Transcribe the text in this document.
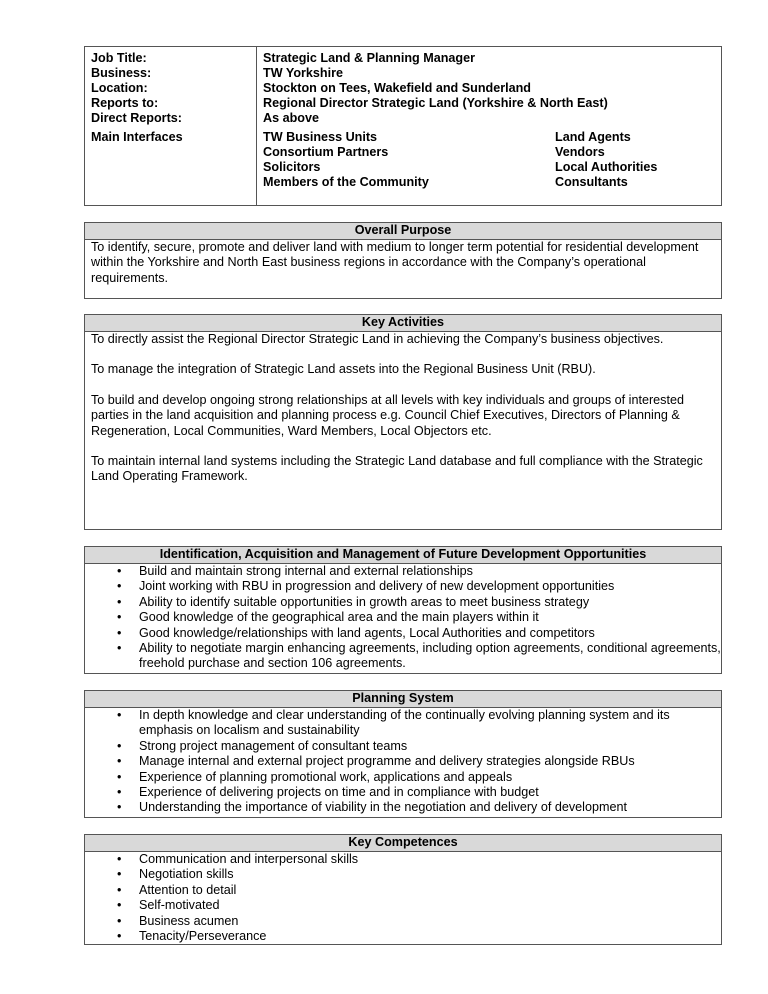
Job Title:
Business:
Location:
Reports to:
Direct Reports:
Main Interfaces
Strategic Land & Planning Manager
TW Yorkshire
Stockton on Tees, Wakefield and Sunderland
Regional Director Strategic Land (Yorkshire & North East)
As above
TW Business Units
Consortium Partners
Solicitors
Members of the Community
Land Agents
Vendors
Local Authorities
Consultants
Overall Purpose

To identify, secure, promote and deliver land with medium to longer term potential for residential development within the Yorkshire and North East business regions in accordance with the Company’s operational requirements.

Key Activities

To directly assist the Regional Director Strategic Land in achieving the Company’s business objectives.

To manage the integration of Strategic Land assets into the Regional Business Unit (RBU).

To build and develop ongoing strong relationships at all levels with key individuals and groups of interested parties in the land acquisition and planning process e.g. Council Chief Executives, Directors of Planning & Regeneration, Local Communities, Ward Members, Local Objectors etc.

To maintain internal land systems including the Strategic Land database and full compliance with the Strategic Land Operating Framework.

Identification, Acquisition and Management of Future Development Opportunities
• Build and maintain strong internal and external relationships
• Joint working with RBU in progression and delivery of new development opportunities
• Ability to identify suitable opportunities in growth areas to meet business strategy
• Good knowledge of the geographical area and the main players within it
• Good knowledge/relationships with land agents, Local Authorities and competitors
• Ability to negotiate margin enhancing agreements, including option agreements, conditional agreements, freehold purchase and section 106 agreements.
Planning System
• In depth knowledge and clear understanding of the continually evolving planning system and its emphasis on localism and sustainability
• Strong project management of consultant teams
• Manage internal and external project programme and delivery strategies alongside RBUs
• Experience of planning promotional work, applications and appeals
• Experience of delivering projects on time and in compliance with budget
• Understanding the importance of viability in the negotiation and delivery of development
Key Competences
• Communication and interpersonal skills
• Negotiation skills
• Attention to detail
• Self-motivated
• Business acumen
• Tenacity/Perseverance
